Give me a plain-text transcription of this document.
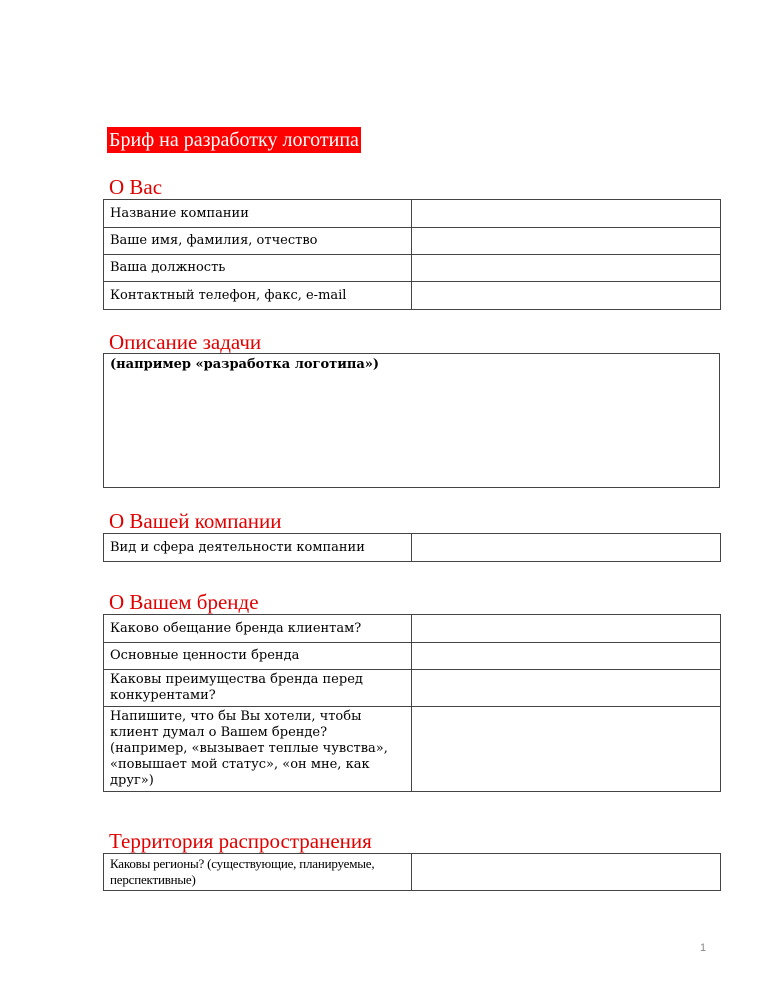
Бриф на разработку логотипа
О Вас
Название компании	
Ваше имя, фамилия, отчество	
Ваша должность	
Контактный телефон, факс, e-mail	
Описание задачи
(например «разработка логотипа»)
О Вашей компании
Вид и сфера деятельности компании	
О Вашем бренде
Каково обещание бренда клиентам?	
Основные ценности бренда	
Каковы преимущества бренда перед конкурентами?	
Напишите, что бы Вы хотели, чтобы клиент думал о Вашем бренде? (например, «вызывает теплые чувства», «повышает мой статус», «он мне, как друг»)	
Территория распространения
Каковы регионы? (существующие, планируемые, перспективные)	
1
